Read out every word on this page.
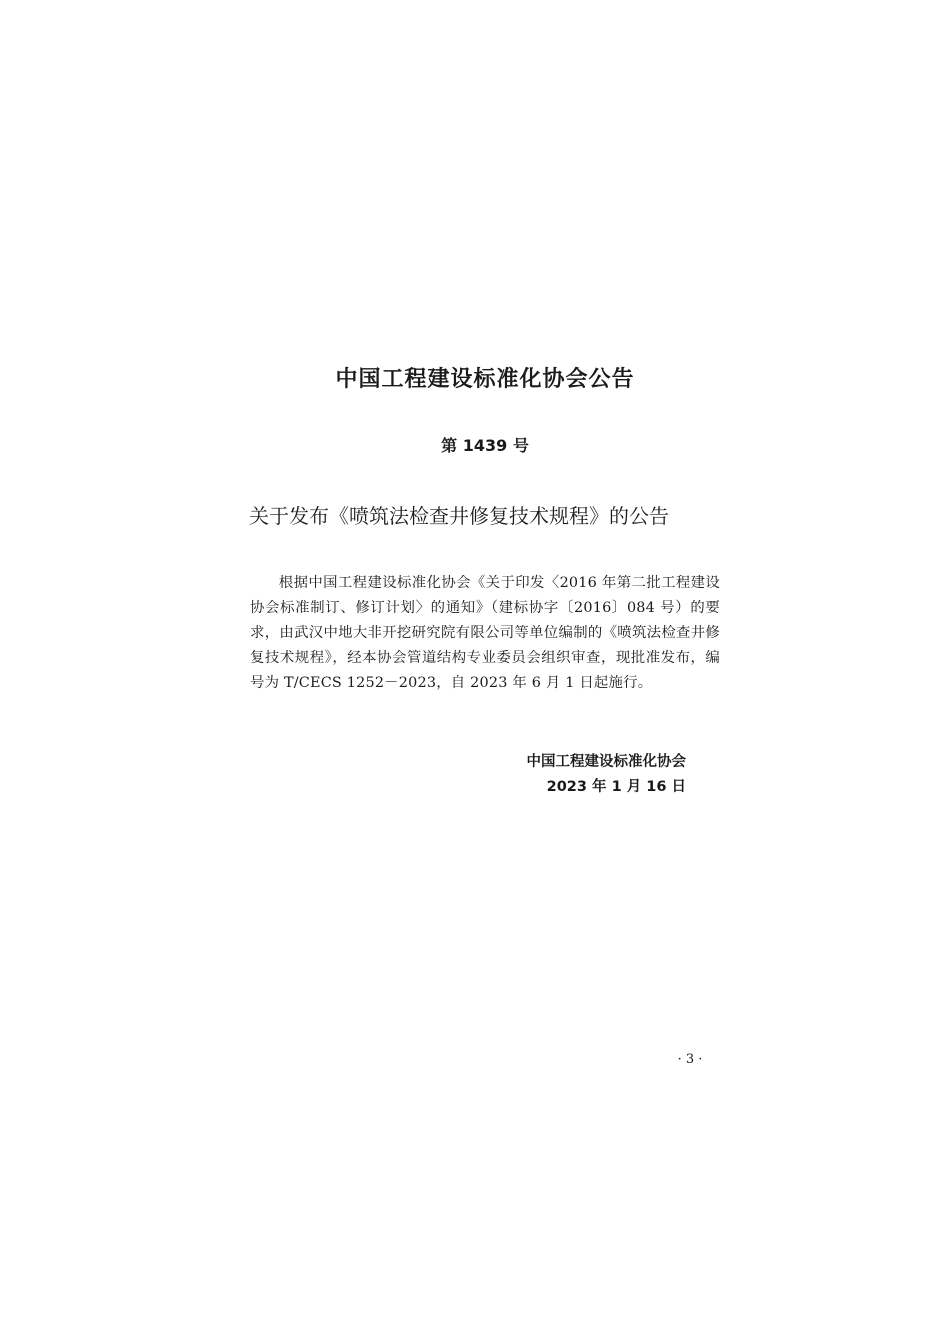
中国工程建设标准化协会公告
第 1439 号
关于发布《喷筑法检查井修复技术规程》的公告
根据中国工程建设标准化协会《关于印发〈2016 年第二批工程建设协会标准制订、修订计划〉的通知》（建标协字〔2016〕084 号）的要求，由武汉中地大非开挖研究院有限公司等单位编制的《喷筑法检查井修复技术规程》，经本协会管道结构专业委员会组织审查，现批准发布，编号为 T/CECS 1252－2023，自 2023 年 6 月 1 日起施行。
中国工程建设标准化协会
2023 年 1 月 16 日
· 3 ·
